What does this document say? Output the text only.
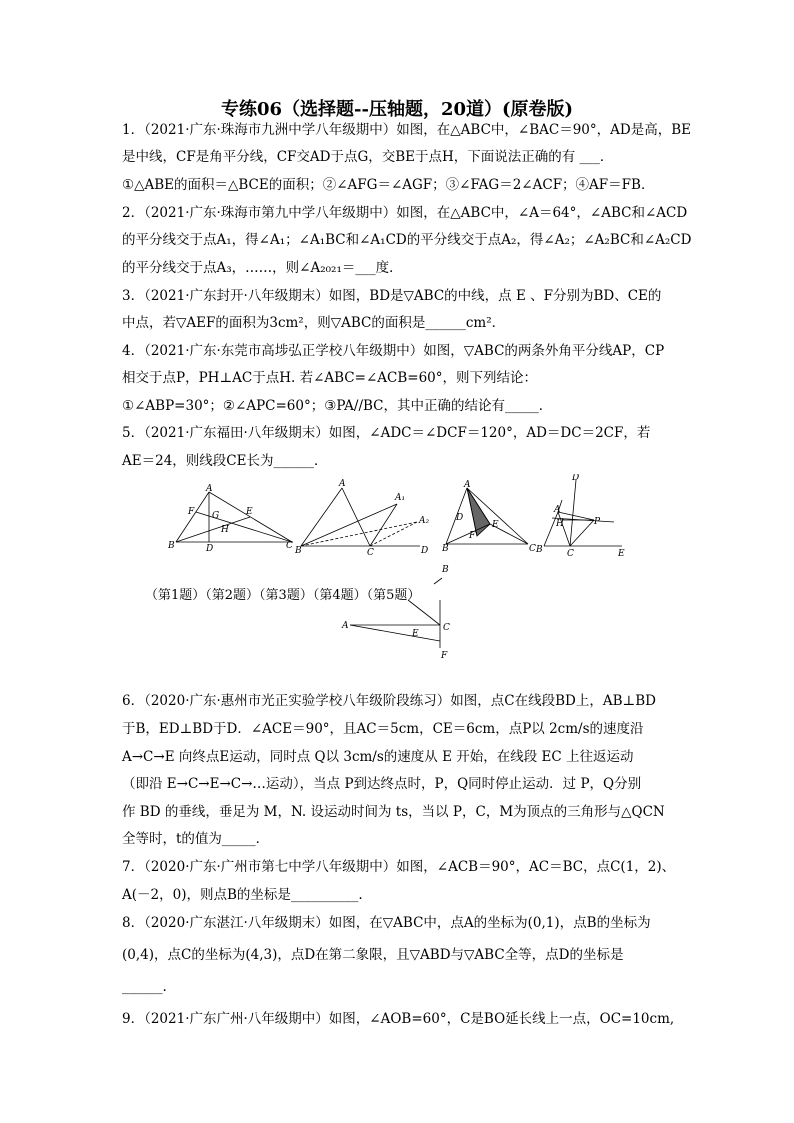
专练06（选择题--压轴题，20道）(原卷版)
1．（2021·广东·珠海市九洲中学八年级期中）如图，在△ABC中，∠BAC＝90°，AD是高，BE
是中线，CF是角平分线，CF交AD于点G，交BE于点H，下面说法正确的有 ___．
①△ABE的面积＝△BCE的面积；②∠AFG＝∠AGF；③∠FAG＝2∠ACF；④AF＝FB．
2．（2021·广东·珠海市第九中学八年级期中）如图，在△ABC中，∠A＝64°，∠ABC和∠ACD
的平分线交于点A₁，得∠A₁；∠A₁BC和∠A₁CD的平分线交于点A₂，得∠A₂；∠A₂BC和∠A₂CD
的平分线交于点A₃，……，则∠A₂₀₂₁＝___度．
3．（2021·广东封开·八年级期末）如图，BD是▽ABC的中线，点 E 、F分别为BD、CE的
中点，若▽AEF的面积为3cm²，则▽ABC的面积是______cm²．
4．（2021·广东·东莞市高埗弘正学校八年级期中）如图，▽ABC的两条外角平分线AP，CP
相交于点P，PH⊥AC于点H. 若∠ABC=∠ACB=60°，则下列结论：
①∠ABP=30°；②∠APC=60°；③PA//BC，其中正确的结论有_____．
5．（2021·广东福田·八年级期末）如图，∠ADC＝∠DCF＝120°，AD＝DC＝2CF，若
AE＝24，则线段CE长为______．
A
B	C
D
E
F G
H
A
A₁
A₂
B	C	D
A
B	C
D
E
F
D
A
B	C	E
H	P
（第1题）（第2题）（第3题）（第4题）（第5题）
B
A	C
E
F
6．（2020·广东·惠州市光正实验学校八年级阶段练习）如图，点C在线段BD上，AB⊥BD
于B，ED⊥BD于D．∠ACE＝90°，且AC＝5cm，CE＝6cm，点P以 2cm/s的速度沿
A→C→E 向终点E运动，同时点 Q以 3cm/s的速度从 E 开始，在线段 EC 上往返运动
（即沿 E→C→E→C→…运动），当点 P到达终点时，P，Q同时停止运动．过 P，Q分别
作 BD 的垂线，垂足为 M，N. 设运动时间为 ts，当以 P，C，M为顶点的三角形与△QCN
全等时，t的值为_____．
7．（2020·广东·广州市第七中学八年级期中）如图，∠ACB＝90°，AC＝BC，点C(1，2)、
A(－2，0)，则点B的坐标是__________.
8．（2020·广东湛江·八年级期末）如图，在▽ABC中，点A的坐标为(0,1)，点B的坐标为
(0,4)，点C的坐标为(4,3)，点D在第二象限，且▽ABD与▽ABC全等，点D的坐标是
______.
9．（2021·广东广州·八年级期中）如图，∠AOB=60°，C是BO延长线上一点，OC=10cm,
